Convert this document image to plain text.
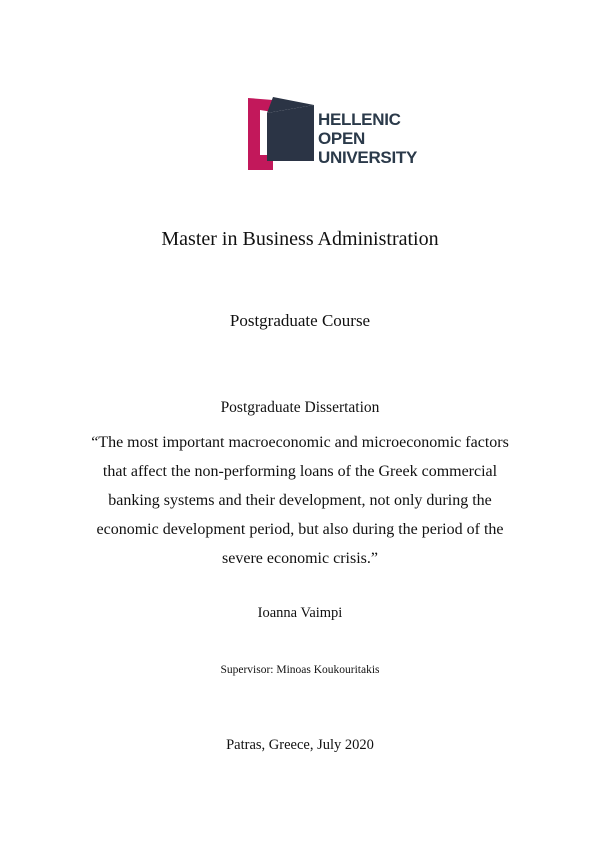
HELLENIC
OPEN
UNIVERSITY
Master in Business Administration
Postgraduate Course
Postgraduate Dissertation
“The most important macroeconomic and microeconomic factors that affect the non-performing loans of the Greek commercial banking systems and their development, not only during the economic development period, but also during the period of the severe economic crisis.”
Ioanna Vaimpi
Supervisor: Minoas Koukouritakis
Patras, Greece, July 2020
